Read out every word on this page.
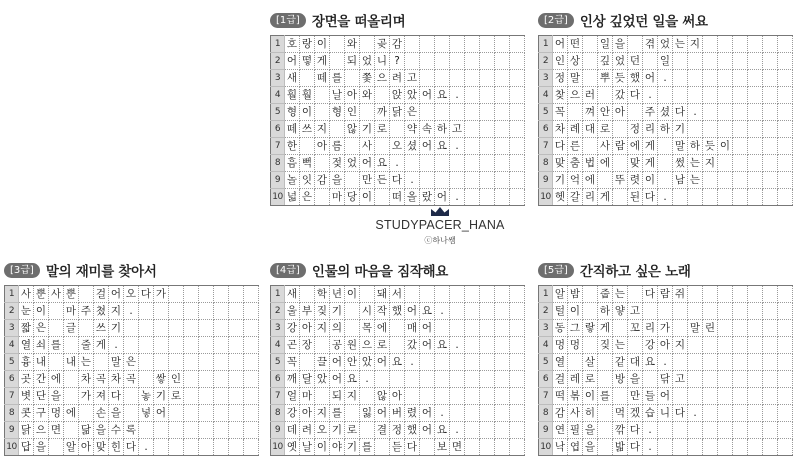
[1급] 장면을 떠올리며
1	호	랑	이		와		곶	감								
2	어	떻	게		되	었	니	?								
3	새		떼	를		쫓	으	려	고							
4	훨	훨		날	아	와		앉	았	어	요	.				
5	형	이		형	인		까	닭	은							
6	떼	쓰	지		않	기	로		약	속	하	고				
7	한		아	름		사		오	셨	어	요	.				
8	흠	뻑		젖	었	어	요	.								
9	놀	잇	감	을		만	든	다	.							
10	넓	은		마	당	이		떠	올	랐	어	.				
[2급] 인상 깊었던 일을 써요
1	어	떤		일	을		겪	었	는	지						
2	인	상		깊	었	던		일								
3	정	말		뿌	듯	했	어	.								
4	찾	으	러		갔	다	.									
5	꼭		껴	안	아		주	셨	다	.						
6	차	례	대	로		정	리	하	기							
7	다	른		사	람	에	게		말	하	듯	이				
8	맞	춤	법	에		맞	게		썼	는	지					
9	기	억	에		뚜	렷	이		남	는						
10	헷	갈	리	게		된	다	.								
[3급] 말의 재미를 찾아서
1	사	뿐	사	뿐		걸	어	오	다	가						
2	눈	이		마	주	쳤	지	.								
3	짧	은		글		쓰	기									
4	열	쇠	를		줄	게	.									
5	흉	내		내	는		말	은								
6	곳	간	에		차	곡	차	곡		쌓	인					
7	볏	단	을		가	져	다		놓	기	로					
8	콧	구	멍	에		손	을		넣	어						
9	닭	으	면		닮	을	수	록								
10	답	을		알	아	맞	힌	다	.							
[4급] 인물의 마음을 짐작해요
1	새		학	년	이		돼	서								
2	울	부	짖	기		시	작	했	어	요	.					
3	강	아	지	의		목	에		매	어						
4	곤	장		공	원	으	로		갔	어	요	.				
5	꼭		끌	어	안	았	어	요	.							
6	깨	달	았	어	요	.										
7	얼	마		되	지		않	아								
8	강	아	지	를		잃	어	버	렸	어	.					
9	데	려	오	기	로		결	정	했	어	요	.				
10	옛	날	이	야	기	를		듣	다		보	면				
[5급] 간직하고 싶은 노래
1	알	밤		줍	는		다	람	쥐							
2	털	이		하	얗	고										
3	동	그	랗	게		꼬	리	가		말	린					
4	멍	멍		짖	는		강	아	지							
5	열		살		같	대	요	.								
6	걸	레	로		방	을		닦	고							
7	떡	볶	이	를		만	들	어								
8	감	사	히		먹	겠	습	니	다	.						
9	연	필	을		깎	다	.									
10	낙	엽	을		밟	다	.									
STUDYPACER_HANA
ⓒ하나쌤
